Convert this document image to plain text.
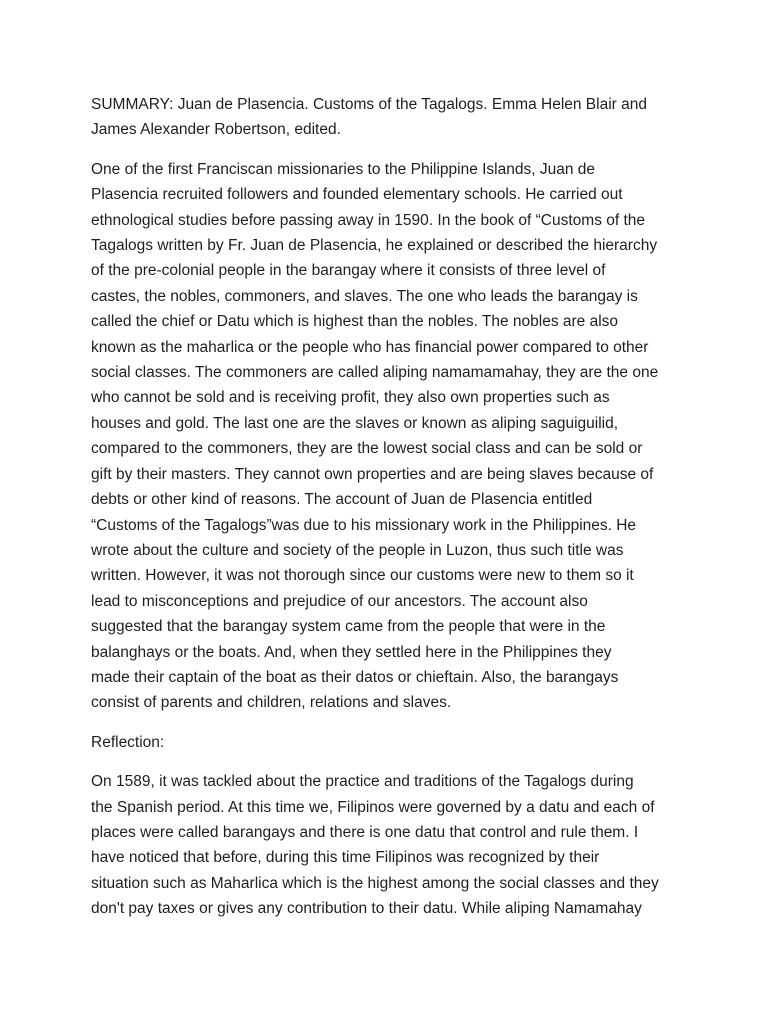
SUMMARY: Juan de Plasencia. Customs of the Tagalogs. Emma Helen Blair and
James Alexander Robertson, edited.

One of the first Franciscan missionaries to the Philippine Islands, Juan de
Plasencia recruited followers and founded elementary schools. He carried out
ethnological studies before passing away in 1590. In the book of “Customs of the
Tagalogs written by Fr. Juan de Plasencia, he explained or described the hierarchy
of the pre-colonial people in the barangay where it consists of three level of
castes, the nobles, commoners, and slaves. The one who leads the barangay is
called the chief or Datu which is highest than the nobles. The nobles are also
known as the maharlica or the people who has financial power compared to other
social classes. The commoners are called aliping namamamahay, they are the one
who cannot be sold and is receiving profit, they also own properties such as
houses and gold. The last one are the slaves or known as aliping saguiguilid,
compared to the commoners, they are the lowest social class and can be sold or
gift by their masters. They cannot own properties and are being slaves because of
debts or other kind of reasons. The account of Juan de Plasencia entitled
“Customs of the Tagalogs”was due to his missionary work in the Philippines. He
wrote about the culture and society of the people in Luzon, thus such title was
written. However, it was not thorough since our customs were new to them so it
lead to misconceptions and prejudice of our ancestors. The account also
suggested that the barangay system came from the people that were in the
balanghays or the boats. And, when they settled here in the Philippines they
made their captain of the boat as their datos or chieftain. Also, the barangays
consist of parents and children, relations and slaves.

Reflection:

On 1589, it was tackled about the practice and traditions of the Tagalogs during
the Spanish period. At this time we, Filipinos were governed by a datu and each of
places were called barangays and there is one datu that control and rule them. I
have noticed that before, during this time Filipinos was recognized by their
situation such as Maharlica which is the highest among the social classes and they
don't pay taxes or gives any contribution to their datu. While aliping Namamahay
